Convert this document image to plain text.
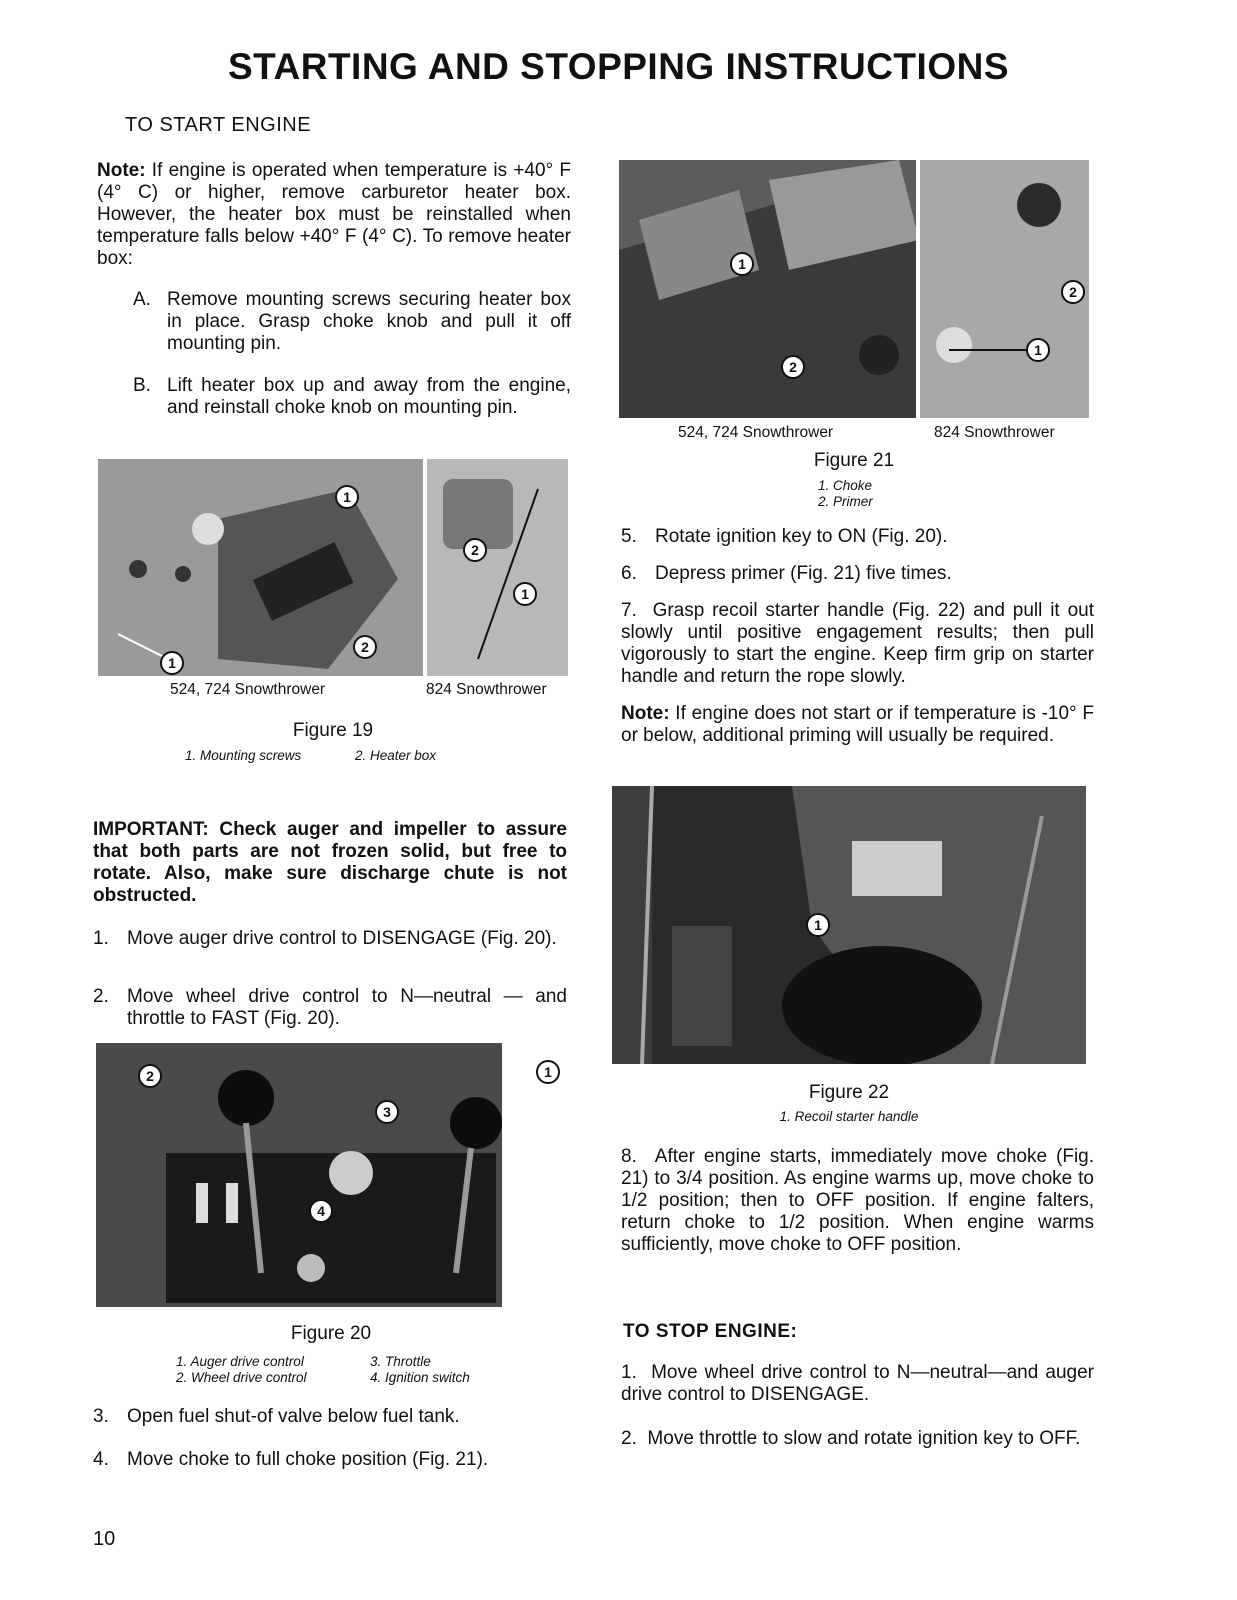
STARTING AND STOPPING INSTRUCTIONS
TO START ENGINE
Note: If engine is operated when temperature is +40° F (4° C) or higher, remove carburetor heater box. However, the heater box must be reinstalled when temperature falls below +40° F (4° C). To remove heater box:
A. Remove mounting screws securing heater box in place. Grasp choke knob and pull it off mounting pin.
B. Lift heater box up and away from the engine, and reinstall choke knob on mounting pin.
1
2
2
1
1
524, 724 Snowthrower	824 Snowthrower
Figure 19
1. Mounting screws	2. Heater box
IMPORTANT: Check auger and impeller to assure that both parts are not frozen solid, but free to rotate. Also, make sure discharge chute is not obstructed.
1. Move auger drive control to DISENGAGE (Fig. 20).
2. Move wheel drive control to N—neutral — and throttle to FAST (Fig. 20).
2
3
1
4
Figure 20
1. Auger drive control
2. Wheel drive control
3. Throttle
4. Ignition switch
3. Open fuel shut-of valve below fuel tank.
4. Move choke to full choke position (Fig. 21).
10
1
2
2
1
524, 724 Snowthrower	824 Snowthrower
Figure 21
1. Choke
2. Primer
5. Rotate ignition key to ON (Fig. 20).
6. Depress primer (Fig. 21) five times.
7. Grasp recoil starter handle (Fig. 22) and pull it out slowly until positive engagement results; then pull vigorously to start the engine. Keep firm grip on starter handle and return the rope slowly.
Note: If engine does not start or if temperature is -10° F or below, additional priming will usually be required.
1
Figure 22
1. Recoil starter handle
8. After engine starts, immediately move choke (Fig. 21) to 3/4 position. As engine warms up, move choke to 1/2 position; then to OFF position. If engine falters, return choke to 1/2 position. When engine warms sufficiently, move choke to OFF position.
TO STOP ENGINE:
1. Move wheel drive control to N—neutral—and auger drive control to DISENGAGE.
2. Move throttle to slow and rotate ignition key to OFF.
